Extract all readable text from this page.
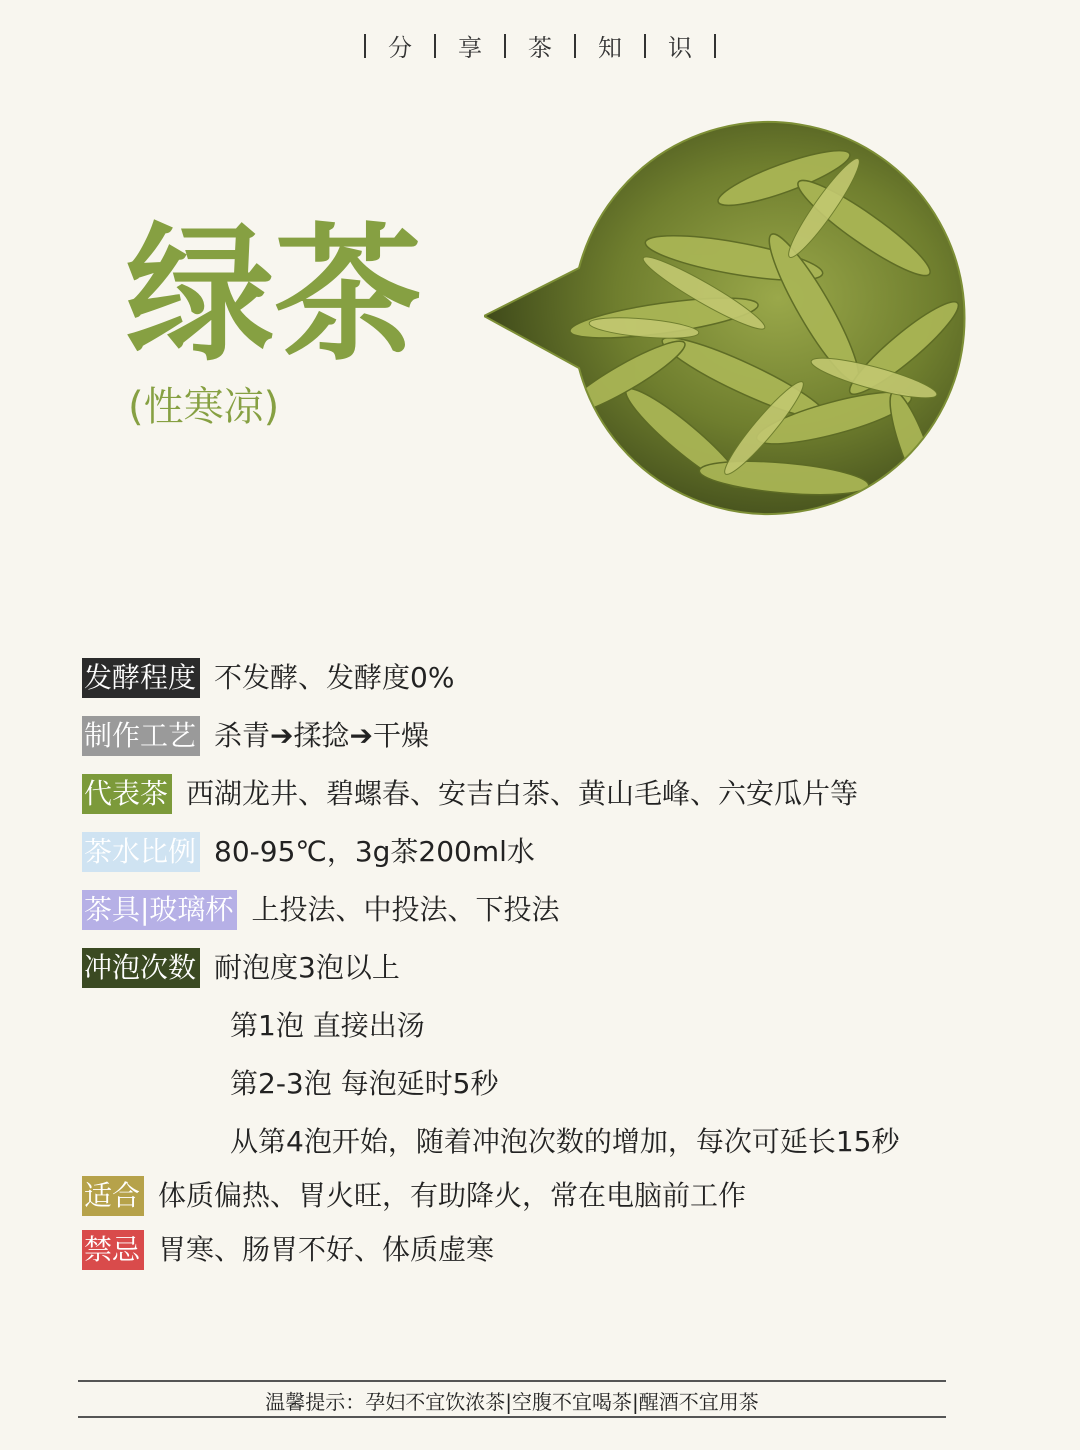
分 享 茶 知 识
绿茶
(性寒凉)
发酵程度 不发酵、发酵度0%
制作工艺 杀青➔揉捻➔干燥
代表茶 西湖龙井、碧螺春、安吉白茶、黄山毛峰、六安瓜片等
茶水比例 80-95℃，3g茶200ml水
茶具|玻璃杯 上投法、中投法、下投法
冲泡次数 耐泡度3泡以上
第1泡 直接出汤
第2-3泡 每泡延时5秒
从第4泡开始，随着冲泡次数的增加，每次可延长15秒
适合 体质偏热、胃火旺，有助降火，常在电脑前工作
禁忌 胃寒、肠胃不好、体质虚寒
温馨提示：孕妇不宜饮浓茶|空腹不宜喝茶|醒酒不宜用茶
